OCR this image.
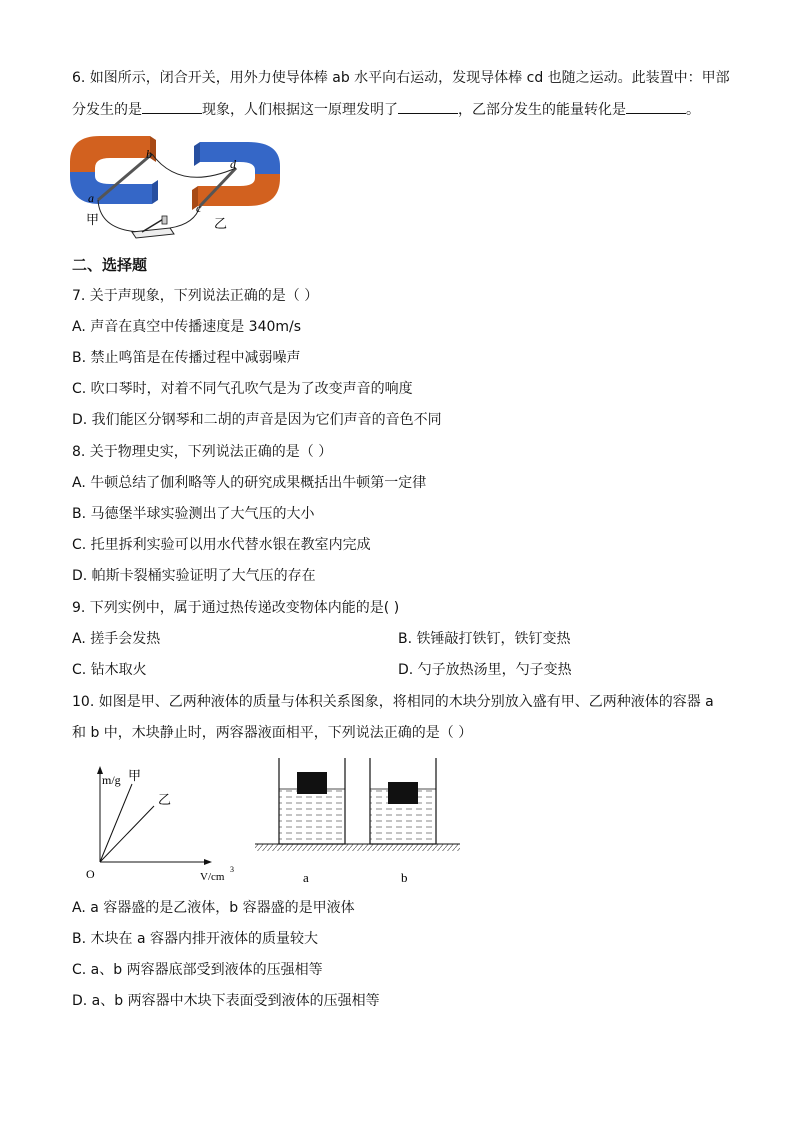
6. 如图所示，闭合开关，用外力使导体棒 ab 水平向右运动，发现导体棒 cd 也随之运动。此装置中：甲部
分发生的是	现象，人们根据这一原理发明了	，乙部分发生的能量转化是	。
a
b
c
d
甲	乙
二、选择题
7. 关于声现象，下列说法正确的是（ ）
A. 声音在真空中传播速度是 340m/s
B. 禁止鸣笛是在传播过程中减弱噪声
C. 吹口琴时，对着不同气孔吹气是为了改变声音的响度
D. 我们能区分钢琴和二胡的声音是因为它们声音的音色不同
8. 关于物理史实，下列说法正确的是（ ）
A. 牛顿总结了伽利略等人的研究成果概括出牛顿第一定律
B. 马德堡半球实验测出了大气压的大小
C. 托里拆利实验可以用水代替水银在教室内完成
D. 帕斯卡裂桶实验证明了大气压的存在
9. 下列实例中，属于通过热传递改变物体内能的是( )
A. 搓手会发热	B. 铁锤敲打铁钉，铁钉变热
C. 钻木取火	D. 勺子放热汤里，勺子变热
10. 如图是甲、乙两种液体的质量与体积关系图象，将相同的木块分别放入盛有甲、乙两种液体的容器 a
和 b 中，木块静止时，两容器液面相平，下列说法正确的是（ ）
m/g 甲
乙
O	V/cm
3
a	b
A. a 容器盛的是乙液体，b 容器盛的是甲液体
B. 木块在 a 容器内排开液体的质量较大
C. a、b 两容器底部受到液体的压强相等
D. a、b 两容器中木块下表面受到液体的压强相等
